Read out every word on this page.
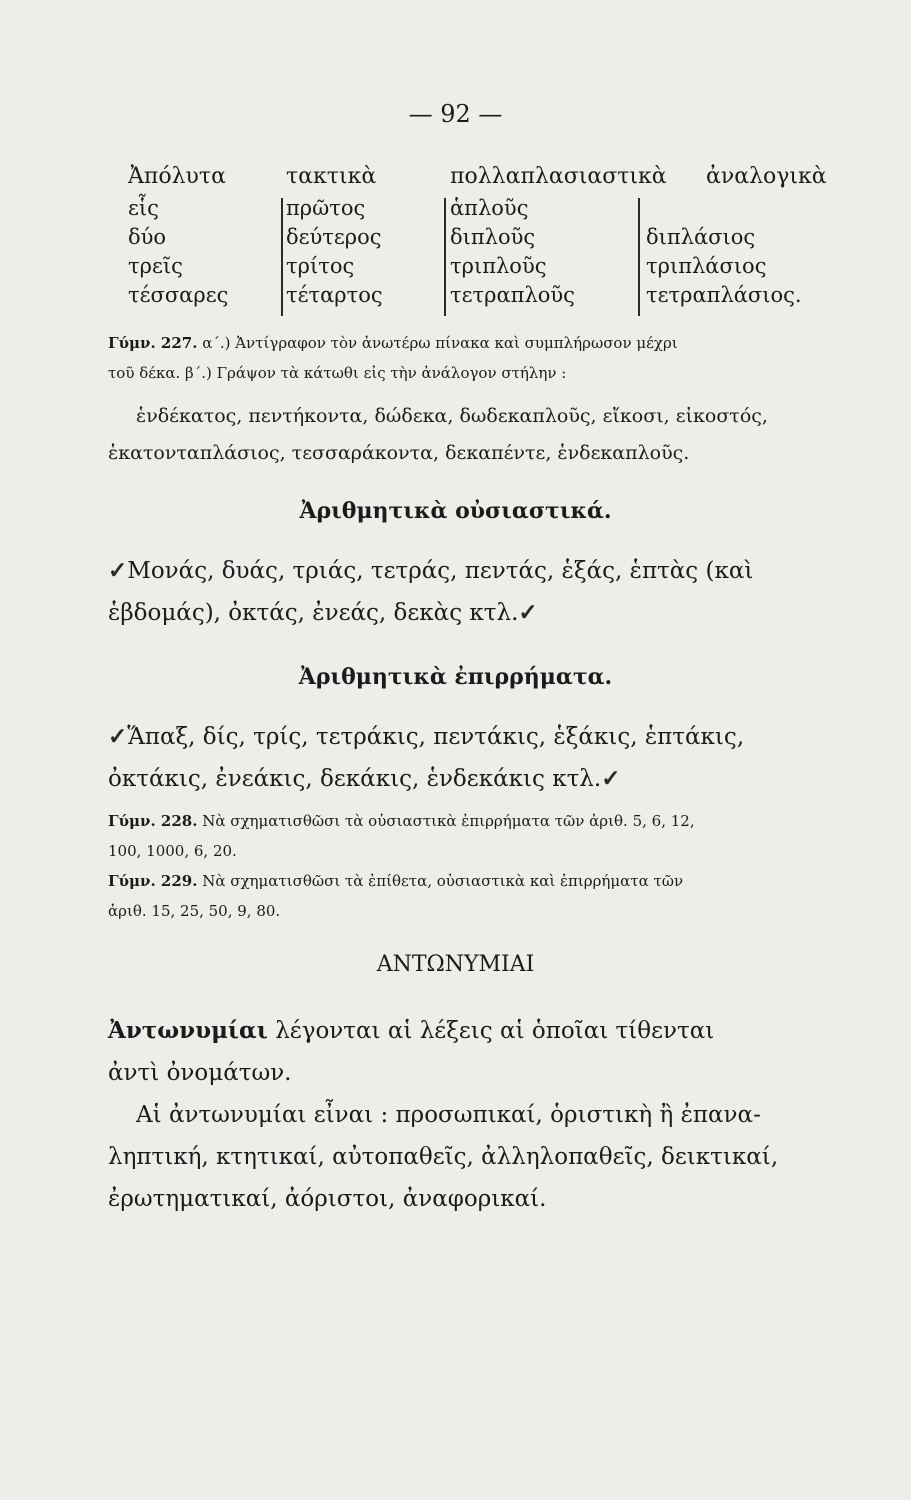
— 92 —
Ἀπόλυτα
εἷς
δύο
τρεῖς
τέσσαρες
τακτικὰ
πρῶτος
δεύτερος
τρίτος
τέταρτος
πολλαπλασιαστικὰ
ἁπλοῦς
διπλοῦς
τριπλοῦς
τετραπλοῦς
ἀναλογικὰ
διπλάσιος
τριπλάσιος
τετραπλάσιος.
Γύμν. 227. α΄.) Ἀντίγραφον τὸν ἀνωτέρω πίνακα καὶ συμπλήρωσον μέχρι
τοῦ δέκα. β΄.) Γράψον τὰ κάτωθι εἰς τὴν ἀνάλογον στήλην :
ἑνδέκατος, πεντήκοντα, δώδεκα, δωδεκαπλοῦς, εἴκοσι, εἰκοστός,
ἑκατονταπλάσιος, τεσσαράκοντα, δεκαπέντε, ἑνδεκαπλοῦς.
Ἀριθμητικὰ οὐσιαστικά.
✓Μονάς, δυάς, τριάς, τετράς, πεντάς, ἑξάς, ἑπτὰς (καὶ
ἑβδομάς), ὀκτάς, ἐνεάς, δεκὰς κτλ.✓
Ἀριθμητικὰ ἐπιρρήματα.
✓Ἅπαξ, δίς, τρίς, τετράκις, πεντάκις, ἑξάκις, ἑπτάκις,
ὀκτάκις, ἐνεάκις, δεκάκις, ἑνδεκάκις κτλ.✓
Γύμν. 228. Νὰ σχηματισθῶσι τὰ οὐσιαστικὰ ἐπιρρήματα τῶν ἀριθ. 5, 6, 12,
100, 1000, 6, 20.
Γύμν. 229. Νὰ σχηματισθῶσι τὰ ἐπίθετα, οὐσιαστικὰ καὶ ἐπιρρήματα τῶν
ἀριθ. 15, 25, 50, 9, 80.
ΑΝΤΩΝΥΜΙΑΙ
Ἀντωνυμίαι λέγονται αἱ λέξεις αἱ ὁποῖαι τίθενται
ἀντὶ ὀνομάτων.
Αἱ ἀντωνυμίαι εἶναι : προσωπικαί, ὁριστικὴ ἢ ἐπανα-
ληπτική, κτητικαί, αὐτοπαθεῖς, ἀλληλοπαθεῖς, δεικτικαί,
ἐρωτηματικαί, ἀόριστοι, ἀναφορικαί.
